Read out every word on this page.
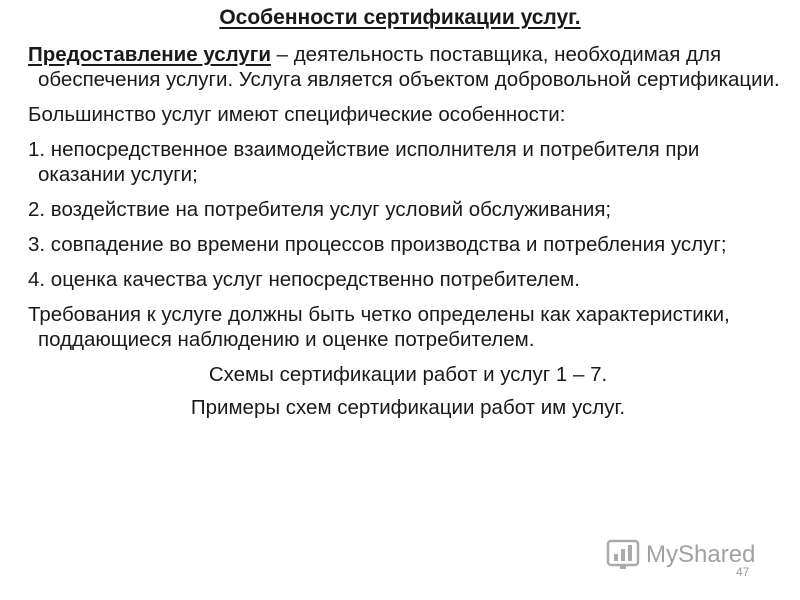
Особенности сертификации услуг.

Предоставление услуги – деятельность поставщика, необходимая для обеспечения услуги. Услуга является объектом добровольной сертификации.

Большинство услуг имеют специфические особенности:

1. непосредственное взаимодействие исполнителя и потребителя при оказании услуги;

2. воздействие на потребителя услуг условий обслуживания;

3. совпадение во времени процессов производства и потребления услуг;

4. оценка качества услуг непосредственно потребителем.

Требования к услуге должны быть четко определены как характеристики, поддающиеся наблюдению и оценке потребителем.

Схемы сертификации работ и услуг 1 – 7.

Примеры схем сертификации работ им услуг.

MyShared
47
